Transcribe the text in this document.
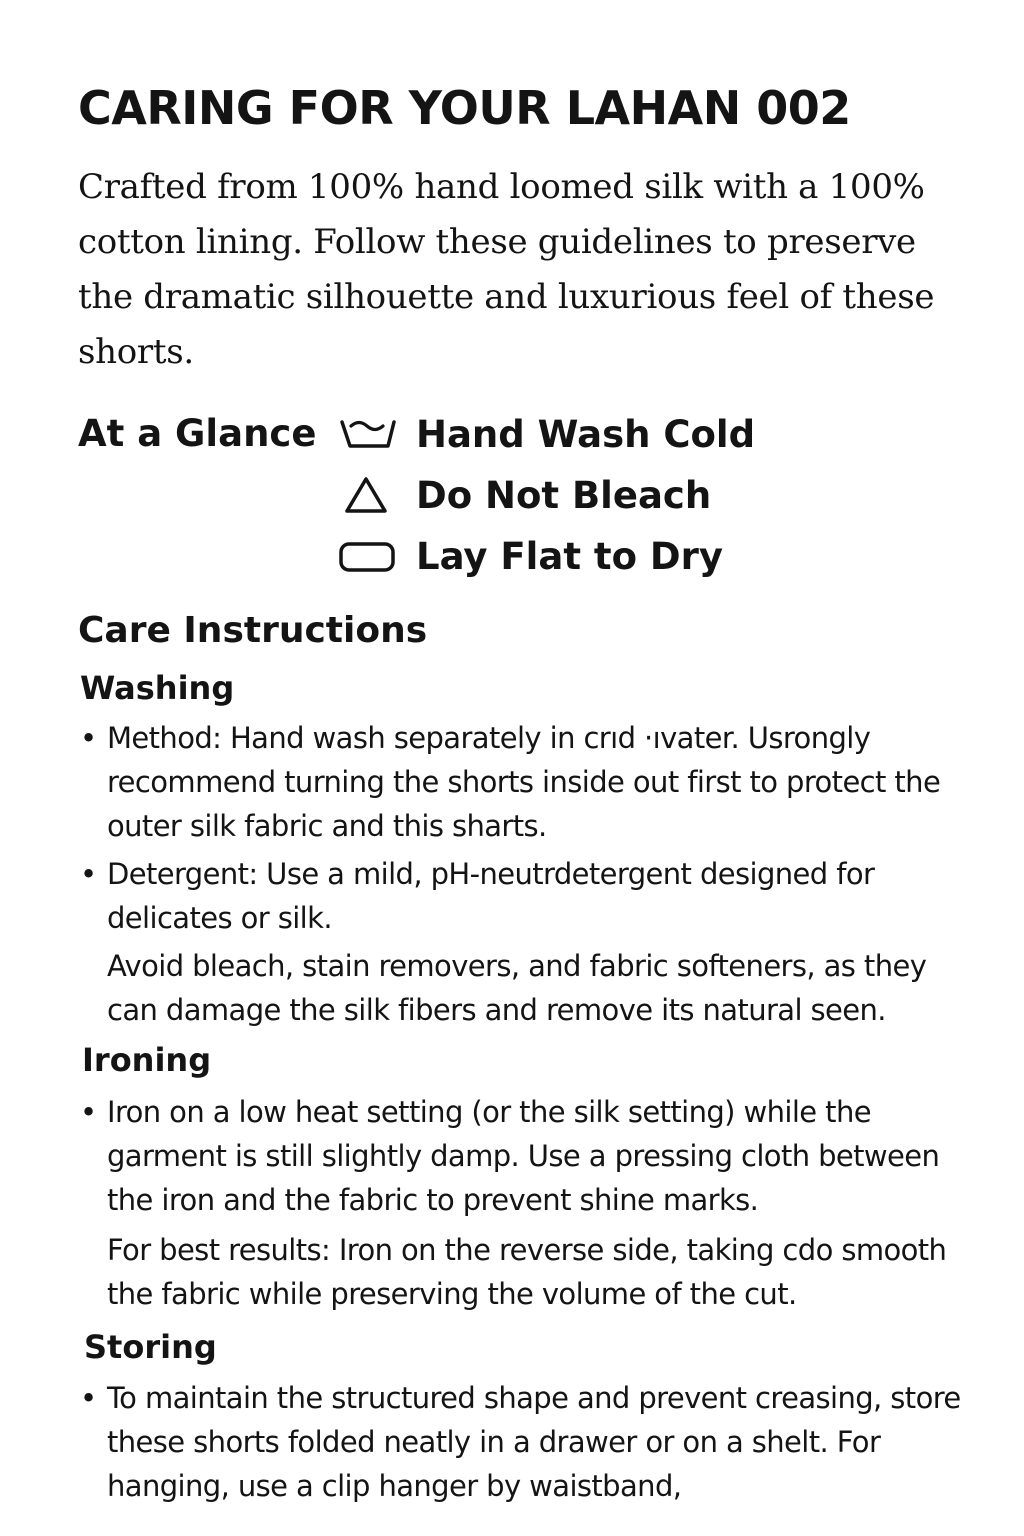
CARING FOR YOUR LAHAN 002

Crafted from 100% hand loomed silk with a 100% cotton lining. Follow these guidelines to preserve the dramatic silhouette and luxurious feel of these shorts.

At a Glance	Hand Wash Cold
Do Not Bleach
Lay Flat to Dry
Care Instructions
Washing

• Method: Hand wash separately in crıd ·ıvater. Usrongly recommend turning the shorts inside out first to protect the outer silk fabric and this sharts.

• Detergent: Use a mild, pH-neutrdetergent designed for delicates or silk.

Avoid bleach, stain removers, and fabric softeners, as they can damage the silk fibers and remove its natural seen.

Ironing

• Iron on a low heat setting (or the silk setting) while the garment is still slightly damp. Use a pressing cloth between the iron and the fabric to prevent shine marks.

For best results: Iron on the reverse side, taking cdo smooth the fabric while preserving the volume of the cut.

Storing

• To maintain the structured shape and prevent creasing, store these shorts folded neatly in a drawer or on a shelt. For hanging, use a clip hanger by waistband,
